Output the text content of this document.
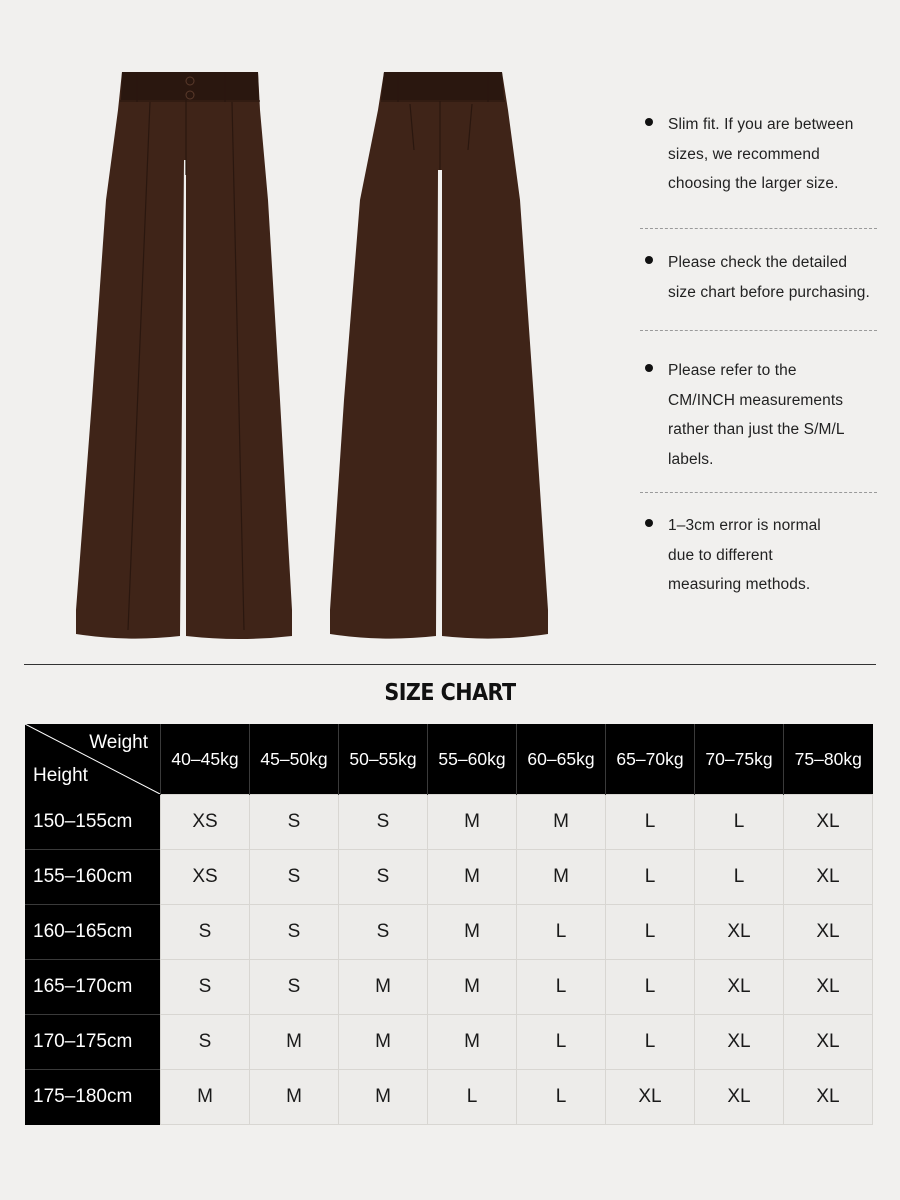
Slim fit. If you are between
sizes, we recommend
choosing the larger size.
Please check the detailed
size chart before purchasing.
Please refer to the
CM/INCH measurements
rather than just the S/M/L
labels.
1–3cm error is normal
due to different
measuring methods.
SIZE CHART
Weight
Height	40–45kg	45–50kg	50–55kg	55–60kg	60–65kg	65–70kg	70–75kg	75–80kg
150–155cm	XS	S	S	M	M	L	L	XL
155–160cm	XS	S	S	M	M	L	L	XL
160–165cm	S	S	S	M	L	L	XL	XL
165–170cm	S	S	M	M	L	L	XL	XL
170–175cm	S	M	M	M	L	L	XL	XL
175–180cm	M	M	M	L	L	XL	XL	XL
